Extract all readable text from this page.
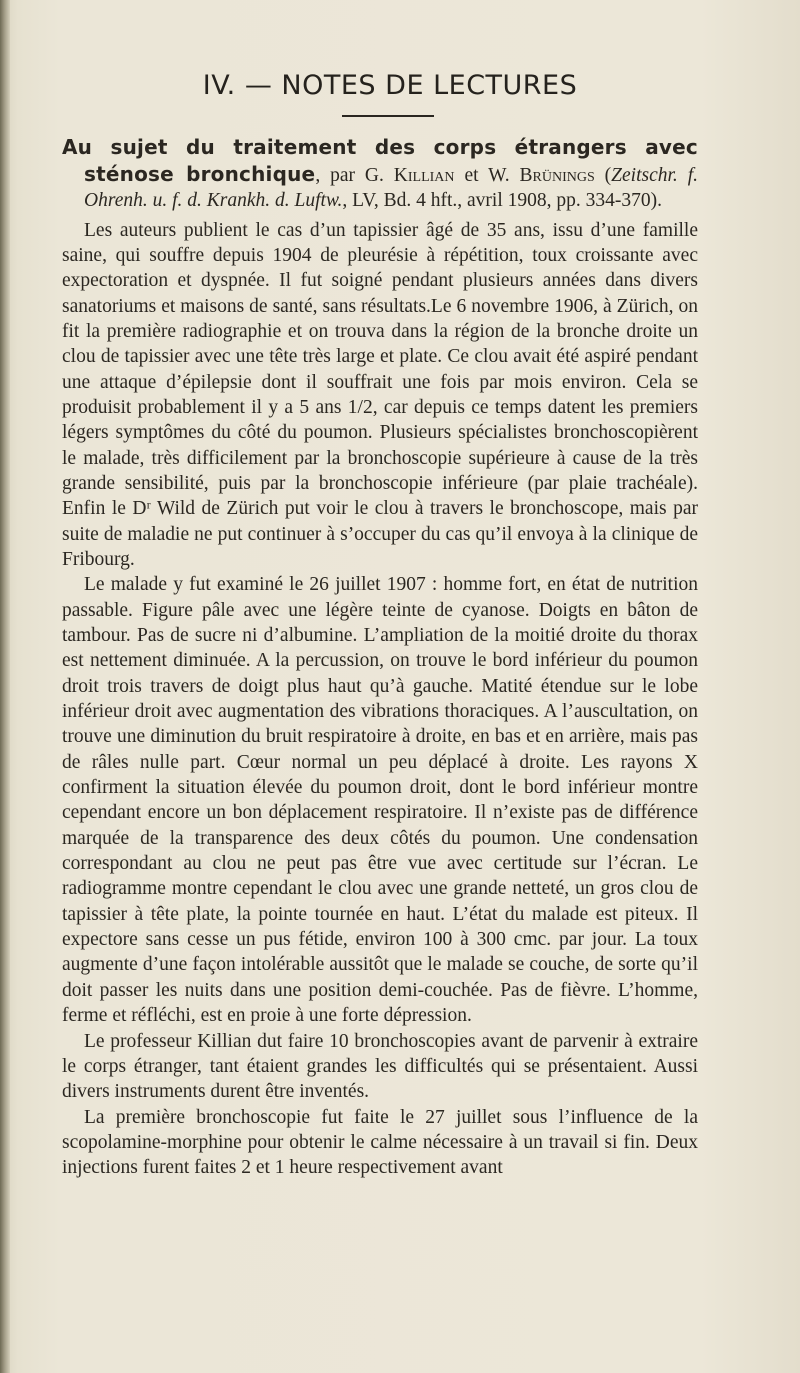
IV. — NOTES DE LECTURES
Au sujet du traitement des corps étrangers avec sténose bronchique, par G. Killian et W. Brünings (Zeitschr. f. Ohrenh. u. f. d. Krankh. d. Luftw., LV, Bd. 4 hft., avril 1908, pp. 334-370).

Les auteurs publient le cas d’un tapissier âgé de 35 ans, issu d’une famille saine, qui souffre depuis 1904 de pleurésie à répétition, toux croissante avec expectoration et dyspnée. Il fut soigné pendant plusieurs années dans divers sanatoriums et maisons de santé, sans résultats.Le 6 novembre 1906, à Zürich, on fit la première radiographie et on trouva dans la région de la bronche droite un clou de tapissier avec une tête très large et plate. Ce clou avait été aspiré pendant une attaque d’épilepsie dont il souffrait une fois par mois environ. Cela se produisit probablement il y a 5 ans 1/2, car depuis ce temps datent les premiers légers symptômes du côté du poumon. Plusieurs spécialistes bronchoscopièrent le malade, très difficilement par la bronchoscopie supérieure à cause de la très grande sensibilité, puis par la bronchoscopie inférieure (par plaie trachéale). Enfin le Dʳ Wild de Zürich put voir le clou à travers le bronchoscope, mais par suite de maladie ne put continuer à s’occuper du cas qu’il envoya à la clinique de Fribourg.

Le malade y fut examiné le 26 juillet 1907 : homme fort, en état de nutrition passable. Figure pâle avec une légère teinte de cyanose. Doigts en bâton de tambour. Pas de sucre ni d’albumine. L’ampliation de la moitié droite du thorax est nettement diminuée. A la percussion, on trouve le bord inférieur du poumon droit trois travers de doigt plus haut qu’à gauche. Matité étendue sur le lobe inférieur droit avec augmentation des vibrations thoraciques. A l’auscultation, on trouve une diminution du bruit respiratoire à droite, en bas et en arrière, mais pas de râles nulle part. Cœur normal un peu déplacé à droite. Les rayons X confirment la situation élevée du poumon droit, dont le bord inférieur montre cependant encore un bon déplacement respiratoire. Il n’existe pas de différence marquée de la transparence des deux côtés du poumon. Une condensation correspondant au clou ne peut pas être vue avec certitude sur l’écran. Le radiogramme montre cependant le clou avec une grande netteté, un gros clou de tapissier à tête plate, la pointe tournée en haut. L’état du malade est piteux. Il expectore sans cesse un pus fétide, environ 100 à 300 cmc. par jour. La toux augmente d’une façon intolérable aussitôt que le malade se couche, de sorte qu’il doit passer les nuits dans une position demi-couchée. Pas de fièvre. L’homme, ferme et réfléchi, est en proie à une forte dépression.

Le professeur Killian dut faire 10 bronchoscopies avant de parvenir à extraire le corps étranger, tant étaient grandes les difficultés qui se présentaient. Aussi divers instruments durent être inventés.

La première bronchoscopie fut faite le 27 juillet sous l’influence de la scopolamine-morphine pour obtenir le calme nécessaire à un travail si fin. Deux injections furent faites 2 et 1 heure respectivement avant
